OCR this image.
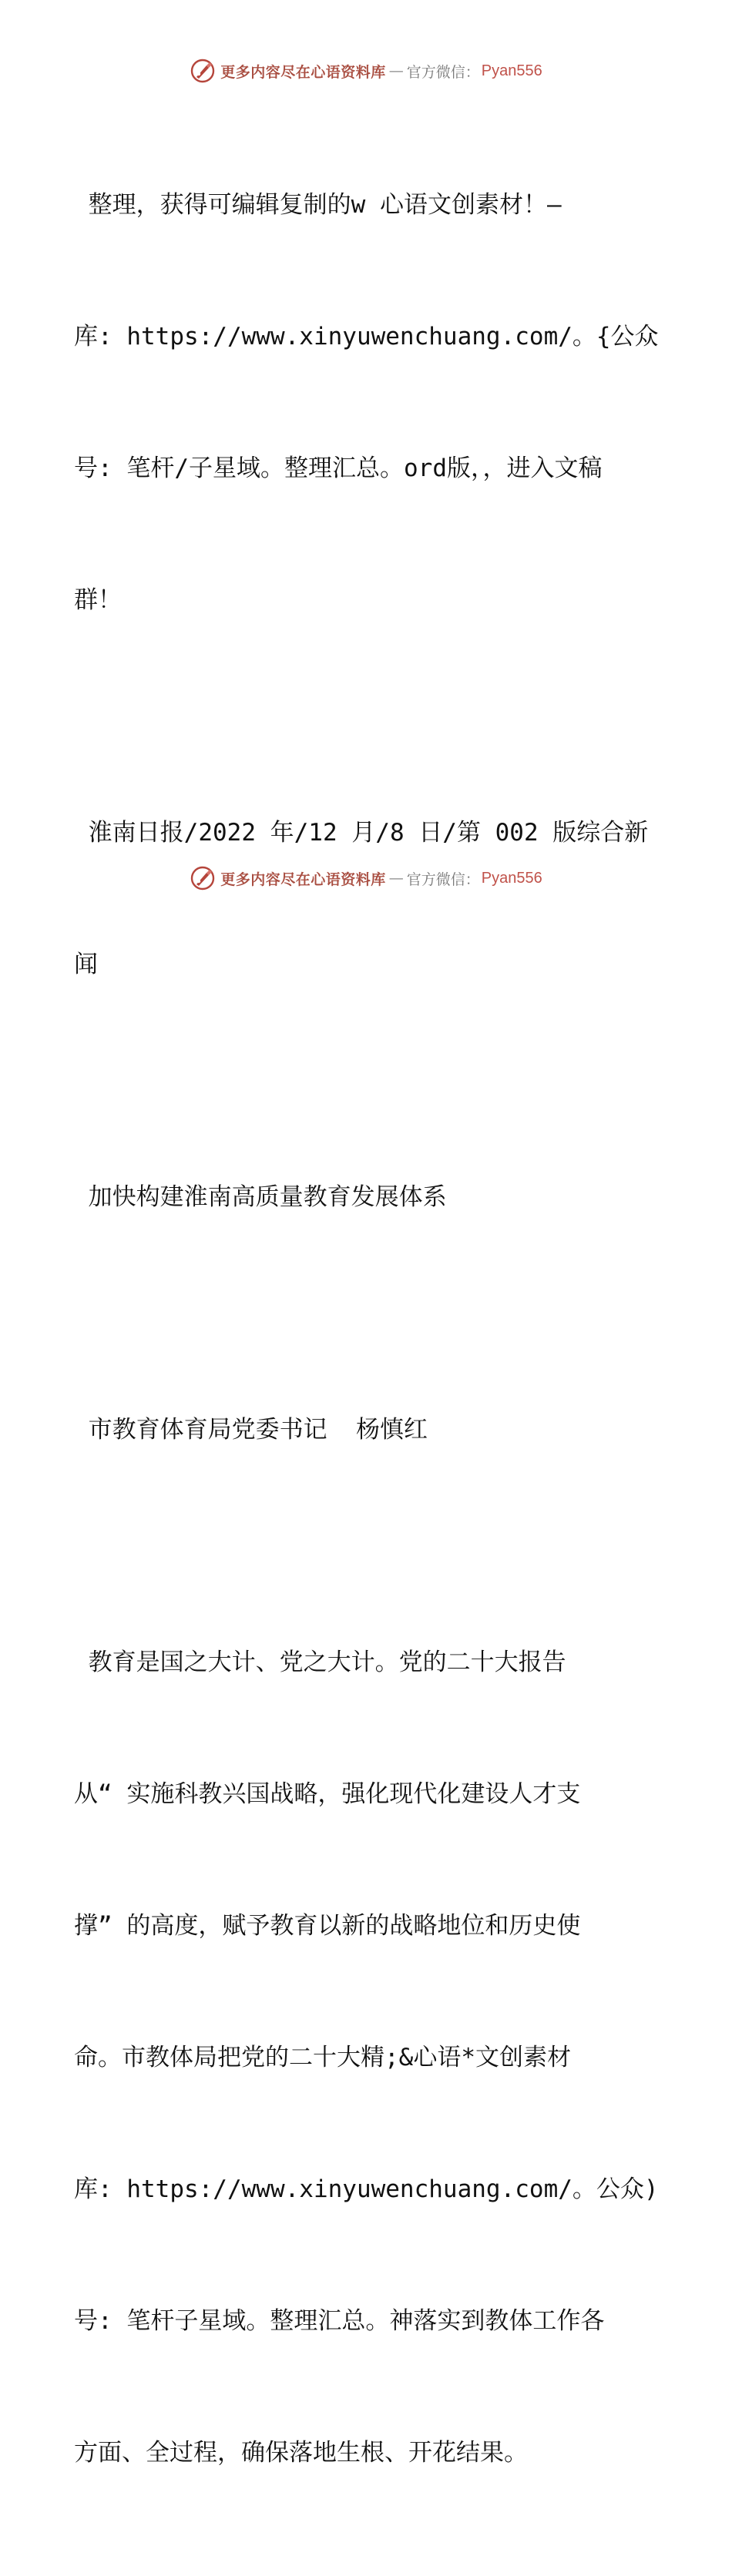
更多内容尽在心语资料库 — 官方微信： Pyan556

整理，获得可编辑复制的w 心语文创素材！—

库: https://www.xinyuwenchuang.com/。{公众

号: 笔杆/子星域。整理汇总。ord版，，进入文稿

群！

淮南日报/2022 年/12 月/8 日/第 002 版综合新

闻

加快构建淮南高质量教育发展体系

市教育体育局党委书记  杨慎红

教育是国之大计、党之大计。党的二十大报告

从“ 实施科教兴国战略，强化现代化建设人才支

撑” 的高度，赋予教育以新的战略地位和历史使

命。市教体局把党的二十大精;&心语*文创素材

库: https://www.xinyuwenchuang.com/。公众)

号: 笔杆子星域。整理汇总。神落实到教体工作各

方面、全过程，确保落地生根、开花结果。

更多内容尽在心语资料库 — 官方微信： Pyan556
